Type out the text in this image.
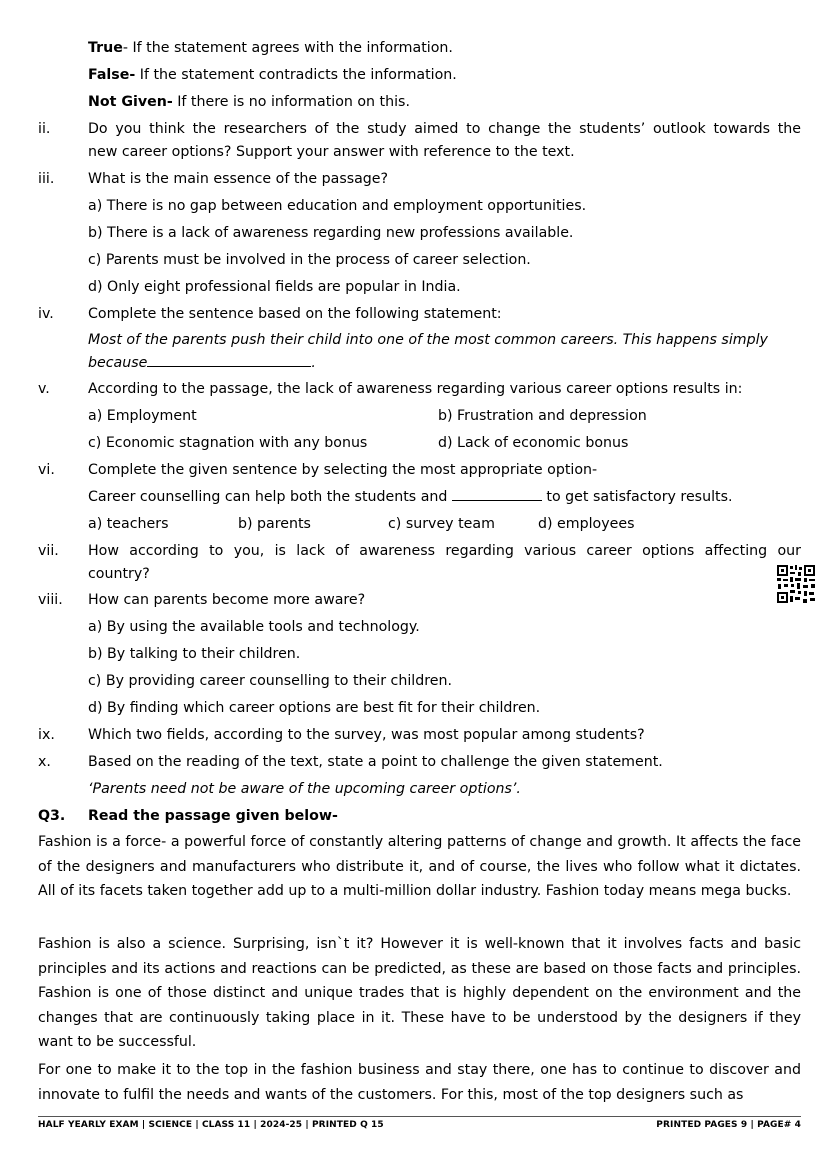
True- If the statement agrees with the information.
False- If the statement contradicts the information.
Not Given- If there is no information on this.
ii.	Do you think the researchers of the study aimed to change the students’ outlook towards the
new career options? Support your answer with reference to the text.
iii. What is the main essence of the passage?
a) There is no gap between education and employment opportunities.
b) There is a lack of awareness regarding new professions available.
c) Parents must be involved in the process of career selection.
d) Only eight professional fields are popular in India.
iv. Complete the sentence based on the following statement:
Most of the parents push their child into one of the most common careers. This happens simply
because	.
v.	According to the passage, the lack of awareness regarding various career options results in:
a) Employment	b) Frustration and depression
c) Economic stagnation with any bonus	d) Lack of economic bonus
vi. Complete the given sentence by selecting the most appropriate option-
Career counselling can help both the students and	to get satisfactory results.
a) teachers	b) parents	c) survey team	d) employees
vii. How according to you, is lack of awareness regarding various career options affecting our
country?
viii. How can parents become more aware?
a) By using the available tools and technology.
b) By talking to their children.
c) By providing career counselling to their children.
d) By finding which career options are best fit for their children.
ix. Which two fields, according to the survey, was most popular among students?
x.	Based on the reading of the text, state a point to challenge the given statement.
‘Parents need not be aware of the upcoming career options’.
Q3. Read the passage given below-
Fashion is a force- a powerful force of constantly altering patterns of change and growth. It affects the face of the designers and manufacturers who distribute it, and of course, the lives who follow what it dictates. All of its facets taken together add up to a multi-million dollar industry. Fashion today means mega bucks.
Fashion is also a science. Surprising, isn`t it? However it is well-known that it involves facts and basic principles and its actions and reactions can be predicted, as these are based on those facts and principles. Fashion is one of those distinct and unique trades that is highly dependent on the environment and the changes that are continuously taking place in it. These have to be understood by the designers if they want to be successful.
For one to make it to the top in the fashion business and stay there, one has to continue to discover and innovate to fulfil the needs and wants of the customers. For this, most of the top designers such as
HALF YEARLY EXAM | SCIENCE | CLASS 11 | 2024-25 | PRINTED Q 15	PRINTED PAGES 9 | PAGE# 4
